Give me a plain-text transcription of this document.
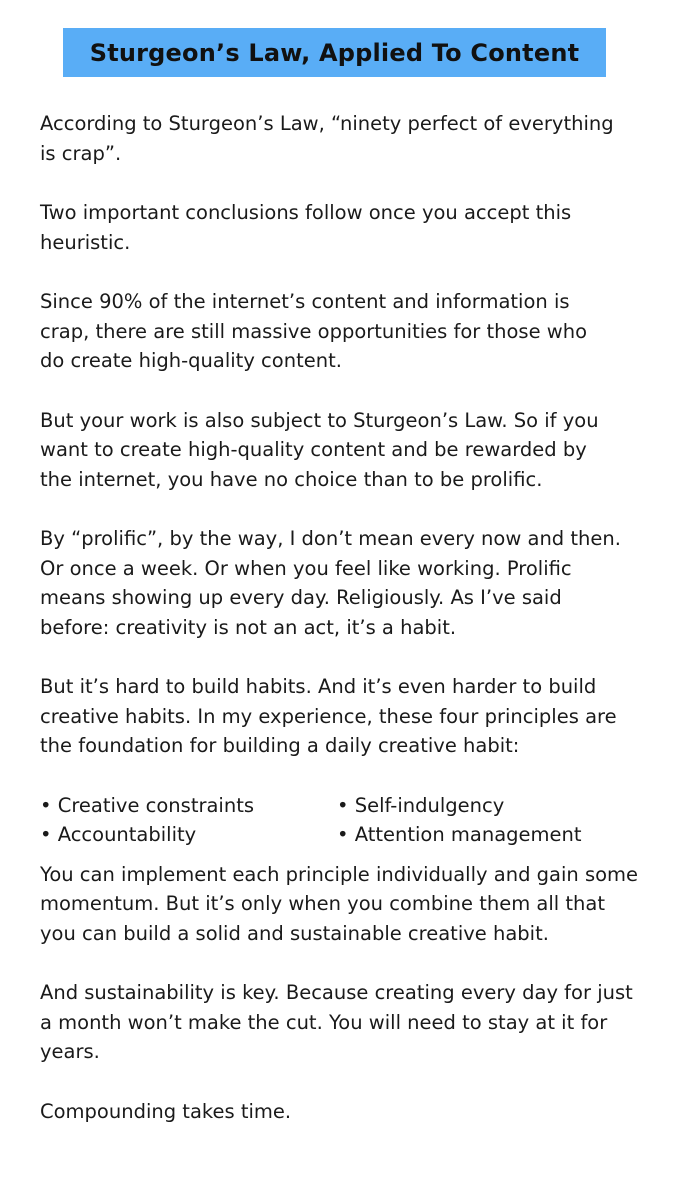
Sturgeon’s Law, Applied To Content

According to Sturgeon’s Law, “ninety perfect of everything
is crap”.

Two important conclusions follow once you accept this
heuristic.

Since 90% of the internet’s content and information is
crap, there are still massive opportunities for those who
do create high-quality content.

But your work is also subject to Sturgeon’s Law. So if you
want to create high-quality content and be rewarded by
the internet, you have no choice than to be prolific.

By “prolific”, by the way, I don’t mean every now and then.
Or once a week. Or when you feel like working. Prolific
means showing up every day. Religiously. As I’ve said
before: creativity is not an act, it’s a habit.

But it’s hard to build habits. And it’s even harder to build
creative habits. In my experience, these four principles are
the foundation for building a daily creative habit:

• Creative constraints	• Self-indulgency
• Accountability	• Attention management

You can implement each principle individually and gain some
momentum. But it’s only when you combine them all that
you can build a solid and sustainable creative habit.

And sustainability is key. Because creating every day for just
a month won’t make the cut. You will need to stay at it for
years.

Compounding takes time.
